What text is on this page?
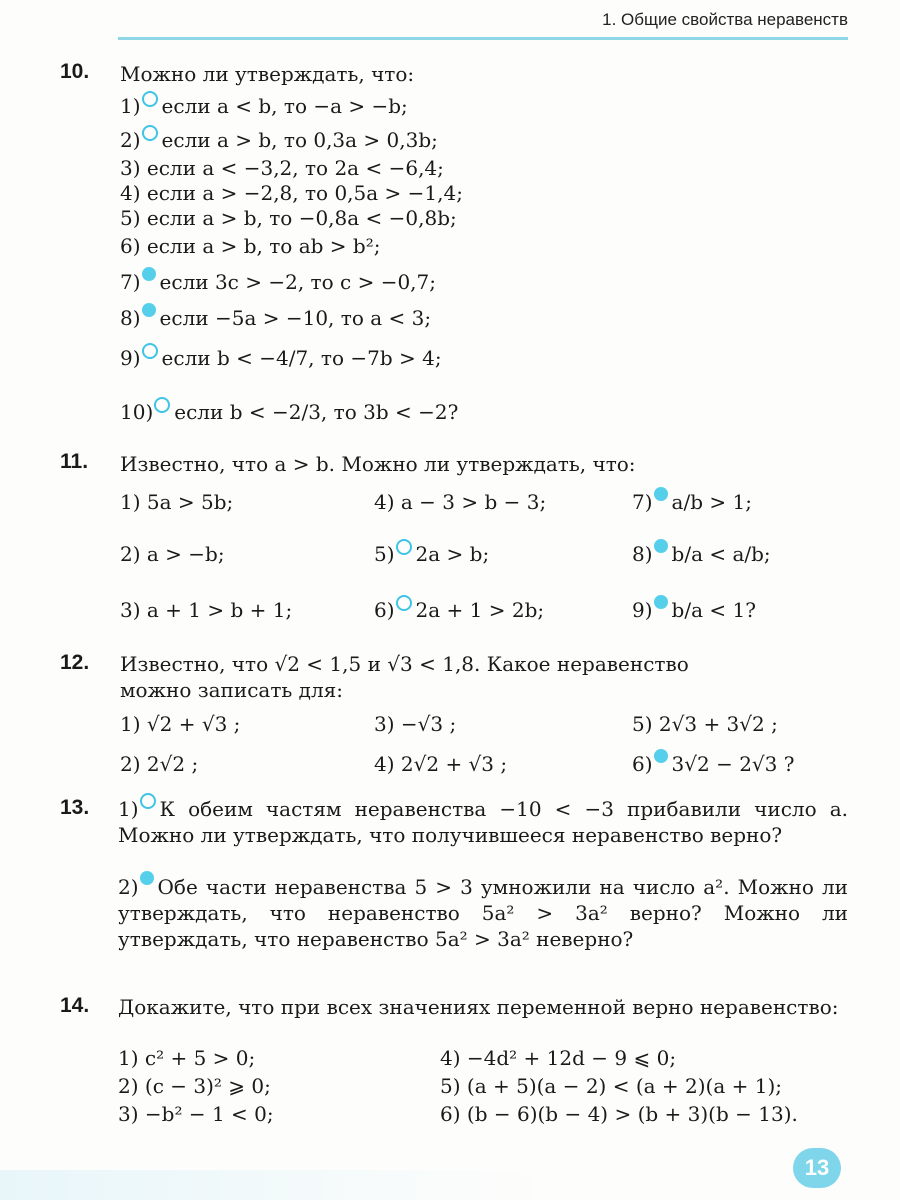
1. Общие свойства неравенств
10. Можно ли утверждать, что:
1) если a < b, то −a > −b;
2) если a > b, то 0,3a > 0,3b;
3) если a < −3,2, то 2a < −6,4;
4) если a > −2,8, то 0,5a > −1,4;
5) если a > b, то −0,8a < −0,8b;
6) если a > b, то ab > b²;
7) если 3c > −2, то c > −0,7;
8) если −5a > −10, то a < 3;
9) если b < −4/7, то −7b > 4;
10) если b < −2/3, то 3b < −2?
11. Известно, что a > b. Можно ли утверждать, что:
1) 5a > 5b;
2) a > −b;
3) a + 1 > b + 1;
4) a − 3 > b − 3;
5) 2a > b;
6) 2a + 1 > 2b;
7) a/b > 1;
8) b/a < a/b;
9) b/a < 1?
12. Известно, что √2 < 1,5 и √3 < 1,8. Какое неравенство
можно записать для:
1) √2 + √3 ;
2) 2√2 ;
3) −√3 ;
4) 2√2 + √3 ;
5) 2√3 + 3√2 ;
6) 3√2 − 2√3 ?
13. 1) К обеим частям неравенства −10 < −3 прибавили число a. Можно ли утверждать, что получившееся неравенство верно?
2) Обе части неравенства 5 > 3 умножили на число a². Можно ли утверждать, что неравенство 5a² > 3a² верно? Можно ли утверждать, что неравенство 5a² > 3a² неверно?
14. Докажите, что при всех значениях переменной верно неравенство:
1) c² + 5 > 0;
2) (c − 3)² ⩾ 0;
3) −b² − 1 < 0;
4) −4d² + 12d − 9 ⩽ 0;
5) (a + 5)(a − 2) < (a + 2)(a + 1);
6) (b − 6)(b − 4) > (b + 3)(b − 13).
13
